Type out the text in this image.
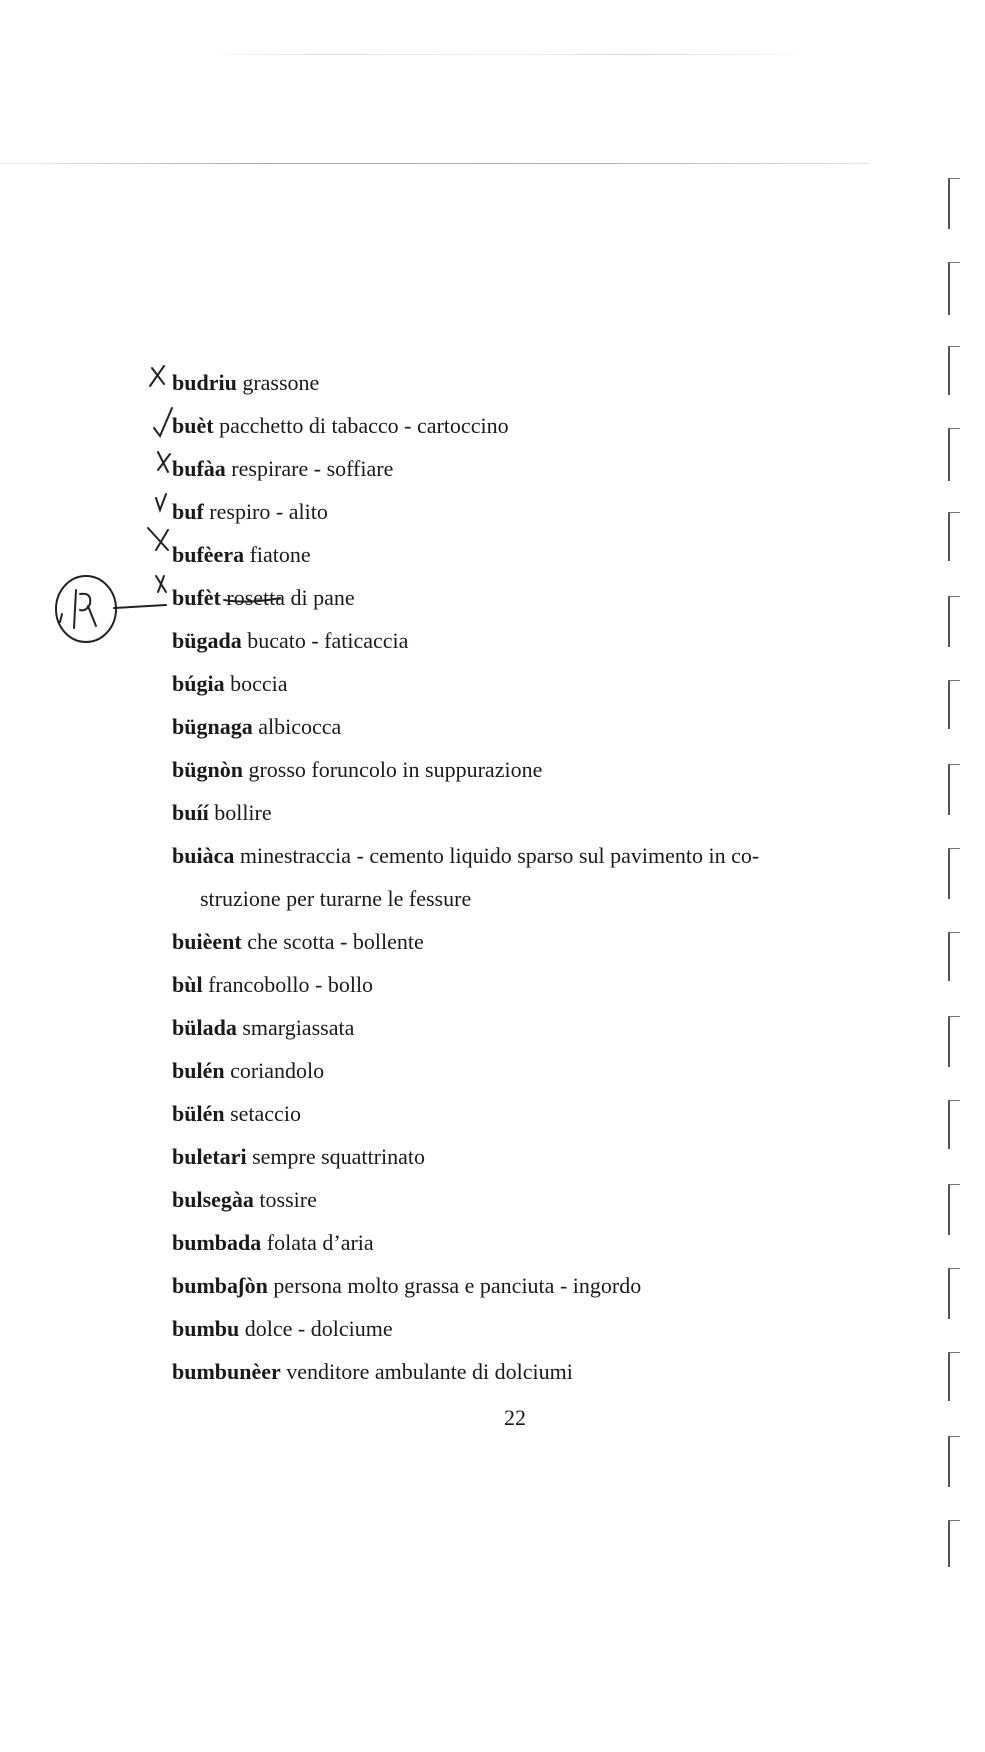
budriu grassone
buèt pacchetto di tabacco - cartoccino
bufàa respirare - soffiare
buf respiro - alito
bufèera fiatone
bufèt rosetta di pane
bügada bucato - faticaccia
búgia boccia
bügnaga albicocca
bügnòn grosso foruncolo in suppurazione
buíí bollire
buiàca minestraccia - cemento liquido sparso sul pavimento in co-
struzione per turarne le fessure
buièent che scotta - bollente
bùl francobollo - bollo
bülada smargiassata
bulén coriandolo
bülén setaccio
buletari sempre squattrinato
bulsegàa tossire
bumbada folata d’aria
bumbaʃòn persona molto grassa e panciuta - ingordo
bumbu dolce - dolciume
bumbunèer venditore ambulante di dolciumi
22
